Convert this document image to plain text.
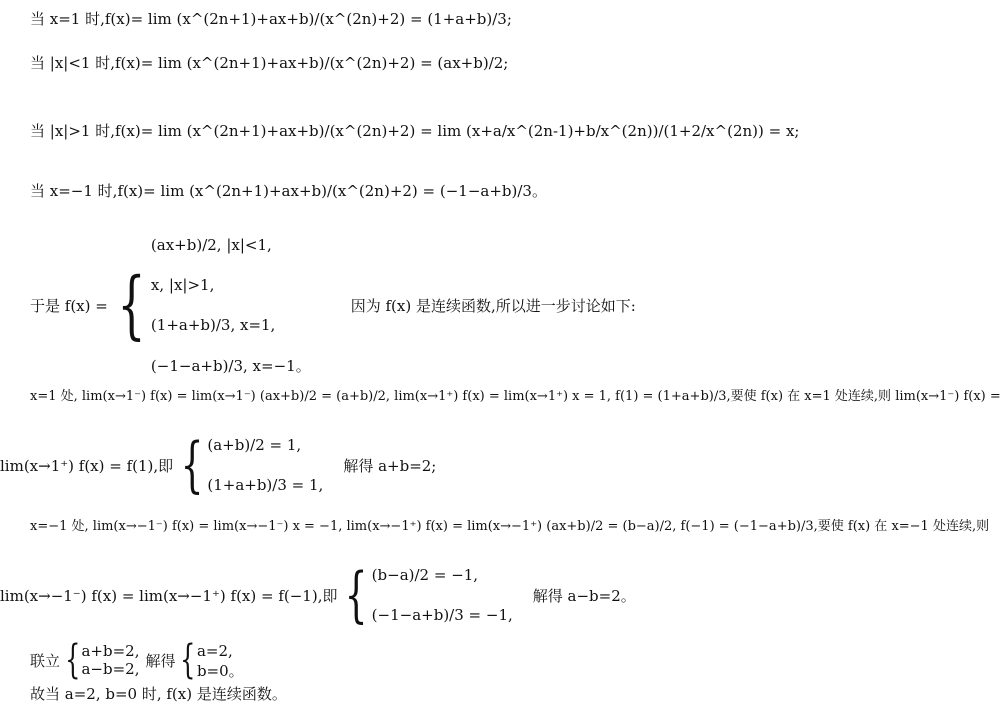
当 x=1 时,f(x)= lim (x^(2n+1)+ax+b)/(x^(2n)+2) = (1+a+b)/3;
当 |x|<1 时,f(x)= lim (x^(2n+1)+ax+b)/(x^(2n)+2) = (ax+b)/2;
当 |x|>1 时,f(x)= lim (x^(2n+1)+ax+b)/(x^(2n)+2) = lim (x+a/x^(2n-1)+b/x^(2n))/(1+2/x^(2n)) = x;
当 x=−1 时,f(x)= lim (x^(2n+1)+ax+b)/(x^(2n)+2) = (−1−a+b)/3。
于是 f(x) = {
(ax+b)/2, |x|<1,
x, |x|>1,
(1+a+b)/3, x=1,
(−1−a+b)/3, x=−1。
因为 f(x) 是连续函数,所以进一步讨论如下:
x=1 处, lim(x→1⁻) f(x) = lim(x→1⁻) (ax+b)/2 = (a+b)/2, lim(x→1⁺) f(x) = lim(x→1⁺) x = 1, f(1) = (1+a+b)/3,要使 f(x) 在 x=1 处连续,则 lim(x→1⁻) f(x) =
lim(x→1⁺) f(x) = f(1),即 { (a+b)/2 = 1,
(1+a+b)/3 = 1,
解得 a+b=2;
x=−1 处, lim(x→−1⁻) f(x) = lim(x→−1⁻) x = −1, lim(x→−1⁺) f(x) = lim(x→−1⁺) (ax+b)/2 = (b−a)/2, f(−1) = (−1−a+b)/3,要使 f(x) 在 x=−1 处连续,则
lim(x→−1⁻) f(x) = lim(x→−1⁺) f(x) = f(−1),即 { (b−a)/2 = −1,
(−1−a+b)/3 = −1,
解得 a−b=2。
联立 { a+b=2,
a−b=2, 解得 { a=2,
b=0。
故当 a=2, b=0 时, f(x) 是连续函数。
